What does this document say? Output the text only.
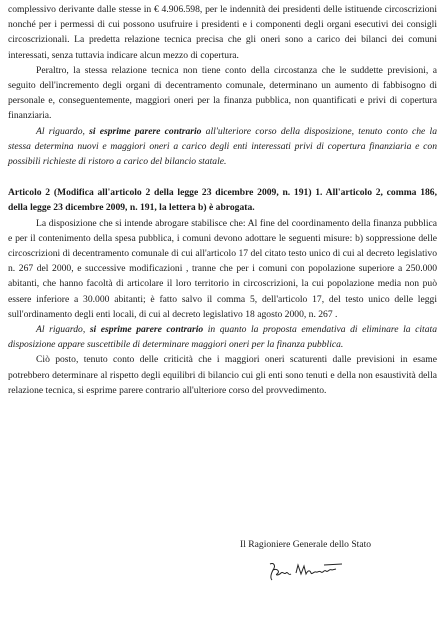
complessivo derivante dalle stesse in € 4.906.598, per le indennità dei presidenti delle istituende circoscrizioni nonché per i permessi di cui possono usufruire i presidenti e i componenti degli organi esecutivi dei consigli circoscrizionali. La predetta relazione tecnica precisa che gli oneri sono a carico dei bilanci dei comuni interessati, senza tuttavia indicare alcun mezzo di copertura.

Peraltro, la stessa relazione tecnica non tiene conto della circostanza che le suddette previsioni, a seguito dell'incremento degli organi di decentramento comunale, determinano un aumento di fabbisogno di personale e, conseguentemente, maggiori oneri per la finanza pubblica, non quantificati e privi di copertura finanziaria.

Al riguardo, si esprime parere contrario all'ulteriore corso della disposizione, tenuto conto che la stessa determina nuovi e maggiori oneri a carico degli enti interessati privi di copertura finanziaria e con possibili richieste di ristoro a carico del bilancio statale.

Articolo 2 (Modifica all'articolo 2 della legge 23 dicembre 2009, n. 191) 1. All'articolo 2, comma 186, della legge 23 dicembre 2009, n. 191, la lettera b) è abrogata.

La disposizione che si intende abrogare stabilisce che: Al fine del coordinamento della finanza pubblica e per il contenimento della spesa pubblica, i comuni devono adottare le seguenti misure: b) soppressione delle circoscrizioni di decentramento comunale di cui all'articolo 17 del citato testo unico di cui al decreto legislativo n. 267 del 2000, e successive modificazioni , tranne che per i comuni con popolazione superiore a 250.000 abitanti, che hanno facoltà di articolare il loro territorio in circoscrizioni, la cui popolazione media non può essere inferiore a 30.000 abitanti; è fatto salvo il comma 5, dell'articolo 17, del testo unico delle leggi sull'ordinamento degli enti locali, di cui al decreto legislativo 18 agosto 2000, n. 267 .

Al riguardo, si esprime parere contrario in quanto la proposta emendativa di eliminare la citata disposizione appare suscettibile di determinare maggiori oneri per la finanza pubblica.

Ciò posto, tenuto conto delle criticità che i maggiori oneri scaturenti dalle previsioni in esame potrebbero determinare al rispetto degli equilibri di bilancio cui gli enti sono tenuti e della non esaustività della relazione tecnica, si esprime parere contrario all'ulteriore corso del provvedimento.

Il Ragioniere Generale dello Stato
